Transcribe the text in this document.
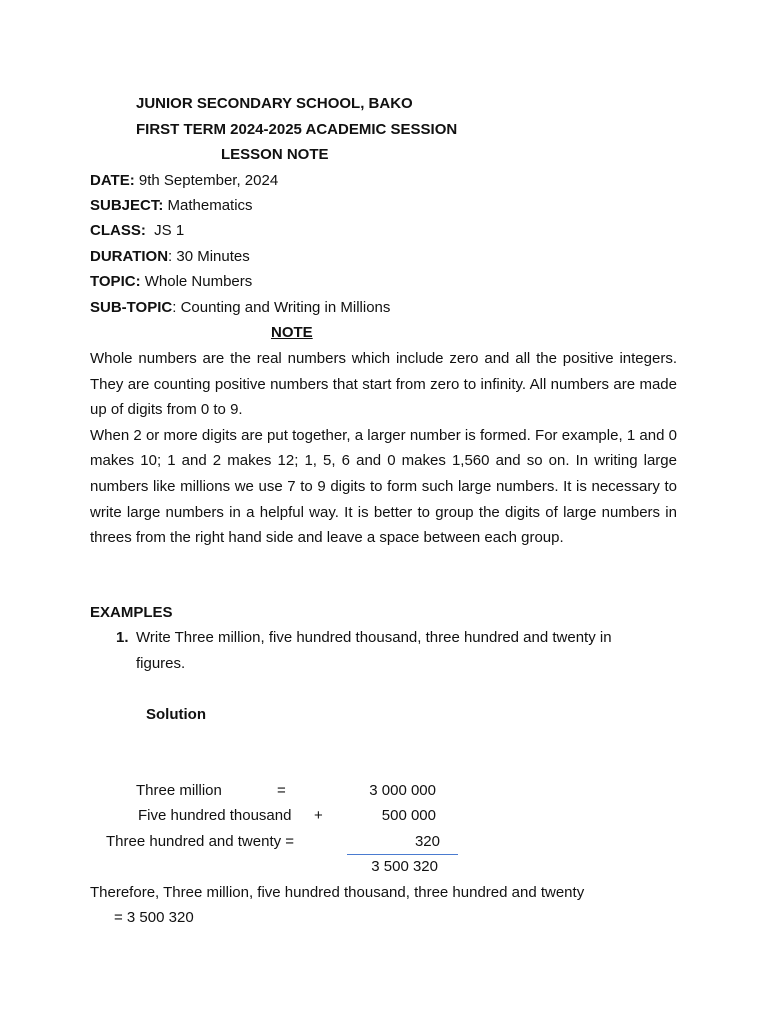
JUNIOR SECONDARY SCHOOL, BAKO
FIRST TERM 2024-2025 ACADEMIC SESSION
LESSON NOTE
DATE: 9th September, 2024
SUBJECT: Mathematics
CLASS:  JS 1
DURATION: 30 Minutes
TOPIC: Whole Numbers
SUB-TOPIC: Counting and Writing in Millions
NOTE

Whole numbers are the real numbers which include zero and all the positive integers. They are counting positive numbers that start from zero to infinity. All numbers are made up of digits from 0 to 9.

When 2 or more digits are put together, a larger number is formed. For example, 1 and 0 makes 10; 1 and 2 makes 12; 1, 5, 6 and 0 makes 1,560 and so on. In writing large numbers like millions we use 7 to 9 digits to form such large numbers. It is necessary to write large numbers in a helpful way. It is better to group the digits of large numbers in threes from the right hand side and leave a space between each group.

EXAMPLES
1. Write Three million, five hundred thousand, three hundred and twenty in
figures.
Solution
Three million	=	3 000 000
Five hundred thousand +	500 000
Three hundred and twenty =	320
3 500 320
Therefore, Three million, five hundred thousand, three hundred and twenty
= 3 500 320
